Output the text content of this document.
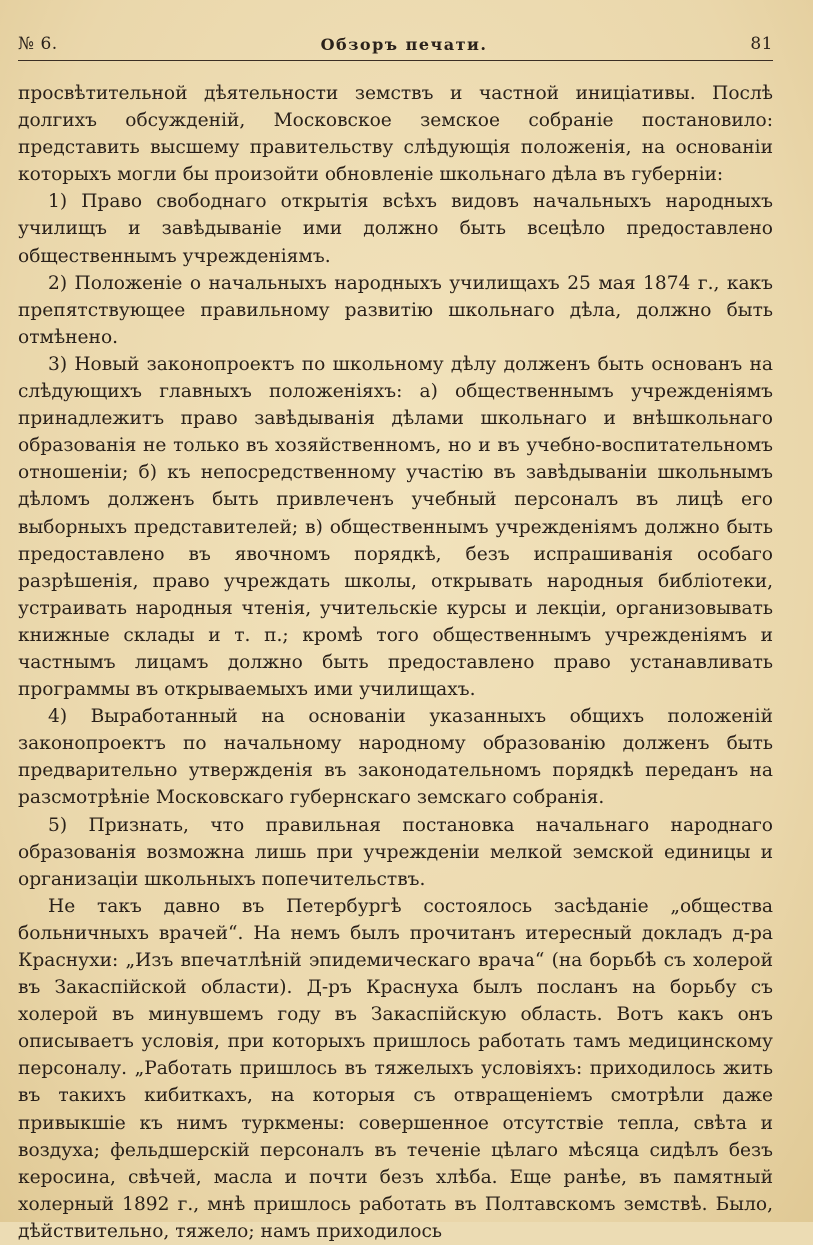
№ 6.	Обзоръ печати.	81

просвѣтительной дѣятельности земствъ и частной иниціативы. Послѣ долгихъ обсужденій, Московское земское собраніе постановило: представить высшему правительству слѣдующія положенія, на основаніи которыхъ могли бы произойти обновленіе школьнаго дѣла въ губерніи:

1) Право свободнаго открытія всѣхъ видовъ начальныхъ народныхъ училищъ и завѣдываніе ими должно быть всецѣло предоставлено общественнымъ учрежденіямъ.

2) Положеніе о начальныхъ народныхъ училищахъ 25 мая 1874 г., какъ препятствующее правильному развитію школьнаго дѣла, должно быть отмѣнено.

3) Новый законопроектъ по школьному дѣлу долженъ быть основанъ на слѣдующихъ главныхъ положеніяхъ: а) общественнымъ учрежденіямъ принадлежитъ право завѣдыванія дѣлами школьнаго и внѣшкольнаго образованія не только въ хозяйственномъ, но и въ учебно-воспитательномъ отношеніи; б) къ непосредственному участію въ завѣдываніи школьнымъ дѣломъ долженъ быть привлеченъ учебный персоналъ въ лицѣ его выборныхъ представителей; в) общественнымъ учрежденіямъ должно быть предоставлено въ явочномъ порядкѣ, безъ испрашиванія особаго разрѣшенія, право учреждать школы, открывать народныя библіотеки, устраивать народныя чтенія, учительскіе курсы и лекціи, организовывать книжные склады и т. п.; кромѣ того общественнымъ учрежденіямъ и частнымъ лицамъ должно быть предоставлено право устанавливать программы въ открываемыхъ ими училищахъ.

4) Выработанный на основаніи указанныхъ общихъ положеній законопроектъ по начальному народному образованію долженъ быть предварительно утвержденія въ законодательномъ порядкѣ переданъ на разсмотрѣніе Московскаго губернскаго земскаго собранія.

5) Признать, что правильная постановка начальнаго народнаго образованія возможна лишь при учрежденіи мелкой земской единицы и организаціи школьныхъ попечительствъ.

Не такъ давно въ Петербургѣ состоялось засѣданіе „общества больничныхъ врачей“. На немъ былъ прочитанъ итересный докладъ д-ра Краснухи: „Изъ впечатлѣній эпидемическаго врача“ (на борьбѣ съ холерой въ Закаспійской области). Д-ръ Краснуха былъ посланъ на борьбу съ холерой въ минувшемъ году въ Закаспійскую область. Вотъ какъ онъ описываетъ условія, при которыхъ пришлось работать тамъ медицинскому персоналу. „Работать пришлось въ тяжелыхъ условіяхъ: приходилось жить въ такихъ кибиткахъ, на которыя съ отвращеніемъ смотрѣли даже привыкшіе къ нимъ туркмены: совершенное отсутствіе тепла, свѣта и воздуха; фельдшерскій персоналъ въ теченіе цѣлаго мѣсяца сидѣлъ безъ керосина, свѣчей, масла и почти безъ хлѣба. Еще ранѣе, въ памятный холерный 1892 г., мнѣ пришлось работать въ Полтавскомъ земствѣ. Было, дѣйствительно, тяжело; намъ приходилось
